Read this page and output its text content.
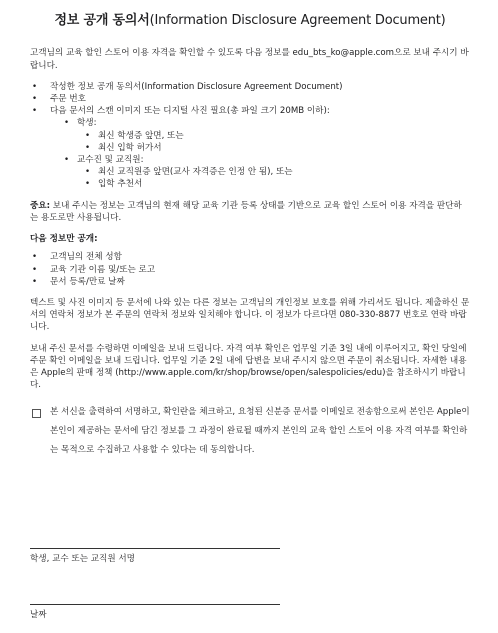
정보 공개 동의서(Information Disclosure Agreement Document)

고객님의 교육 할인 스토어 이용 자격을 확인할 수 있도록 다음 정보를 edu_bts_ko@apple.com으로 보내 주시기 바랍니다.

• 작성한 정보 공개 동의서(Information Disclosure Agreement Document)
• 주문 번호
• 다음 문서의 스캔 이미지 또는 디지털 사진 필요(총 파일 크기 20MB 이하):
• 학생:
• 최신 학생증 앞면, 또는
• 최신 입학 허가서
• 교수진 및 교직원:
• 최신 교직원증 앞면(교사 자격증은 인정 안 됨), 또는
• 입학 추천서

중요: 보내 주시는 정보는 고객님의 현재 해당 교육 기관 등록 상태를 기반으로 교육 할인 스토어 이용 자격을 판단하는 용도로만 사용됩니다.

다음 정보만 공개:
• 고객님의 전체 성함
• 교육 기관 이름 및/또는 로고
• 문서 등록/만료 날짜

텍스트 및 사진 이미지 등 문서에 나와 있는 다른 정보는 고객님의 개인정보 보호를 위해 가리셔도 됩니다. 제출하신 문서의 연락처 정보가 본 주문의 연락처 정보와 일치해야 합니다. 이 정보가 다르다면 080-330-8877 번호로 연락 바랍니다.

보내 주신 문서를 수령하면 이메일을 보내 드립니다. 자격 여부 확인은 업무일 기준 3일 내에 이루어지고, 확인 당일에 주문 확인 이메일을 보내 드립니다. 업무일 기준 2일 내에 답변을 보내 주시지 않으면 주문이 취소됩니다. 자세한 내용은 Apple의 판매 정책 (http://www.apple.com/kr/shop/browse/open/salespolicies/edu)을 참조하시기 바랍니다.

본 서신을 출력하여 서명하고, 확인란을 체크하고, 요청된 신분증 문서를 이메일로 전송함으로써 본인은 Apple이 본인이 제공하는 문서에 담긴 정보를 그 과정이 완료될 때까지 본인의 교육 할인 스토어 이용 자격 여부를 확인하는 목적으로 수집하고 사용할 수 있다는 데 동의합니다.
학생, 교수 또는 교직원 서명
날짜
